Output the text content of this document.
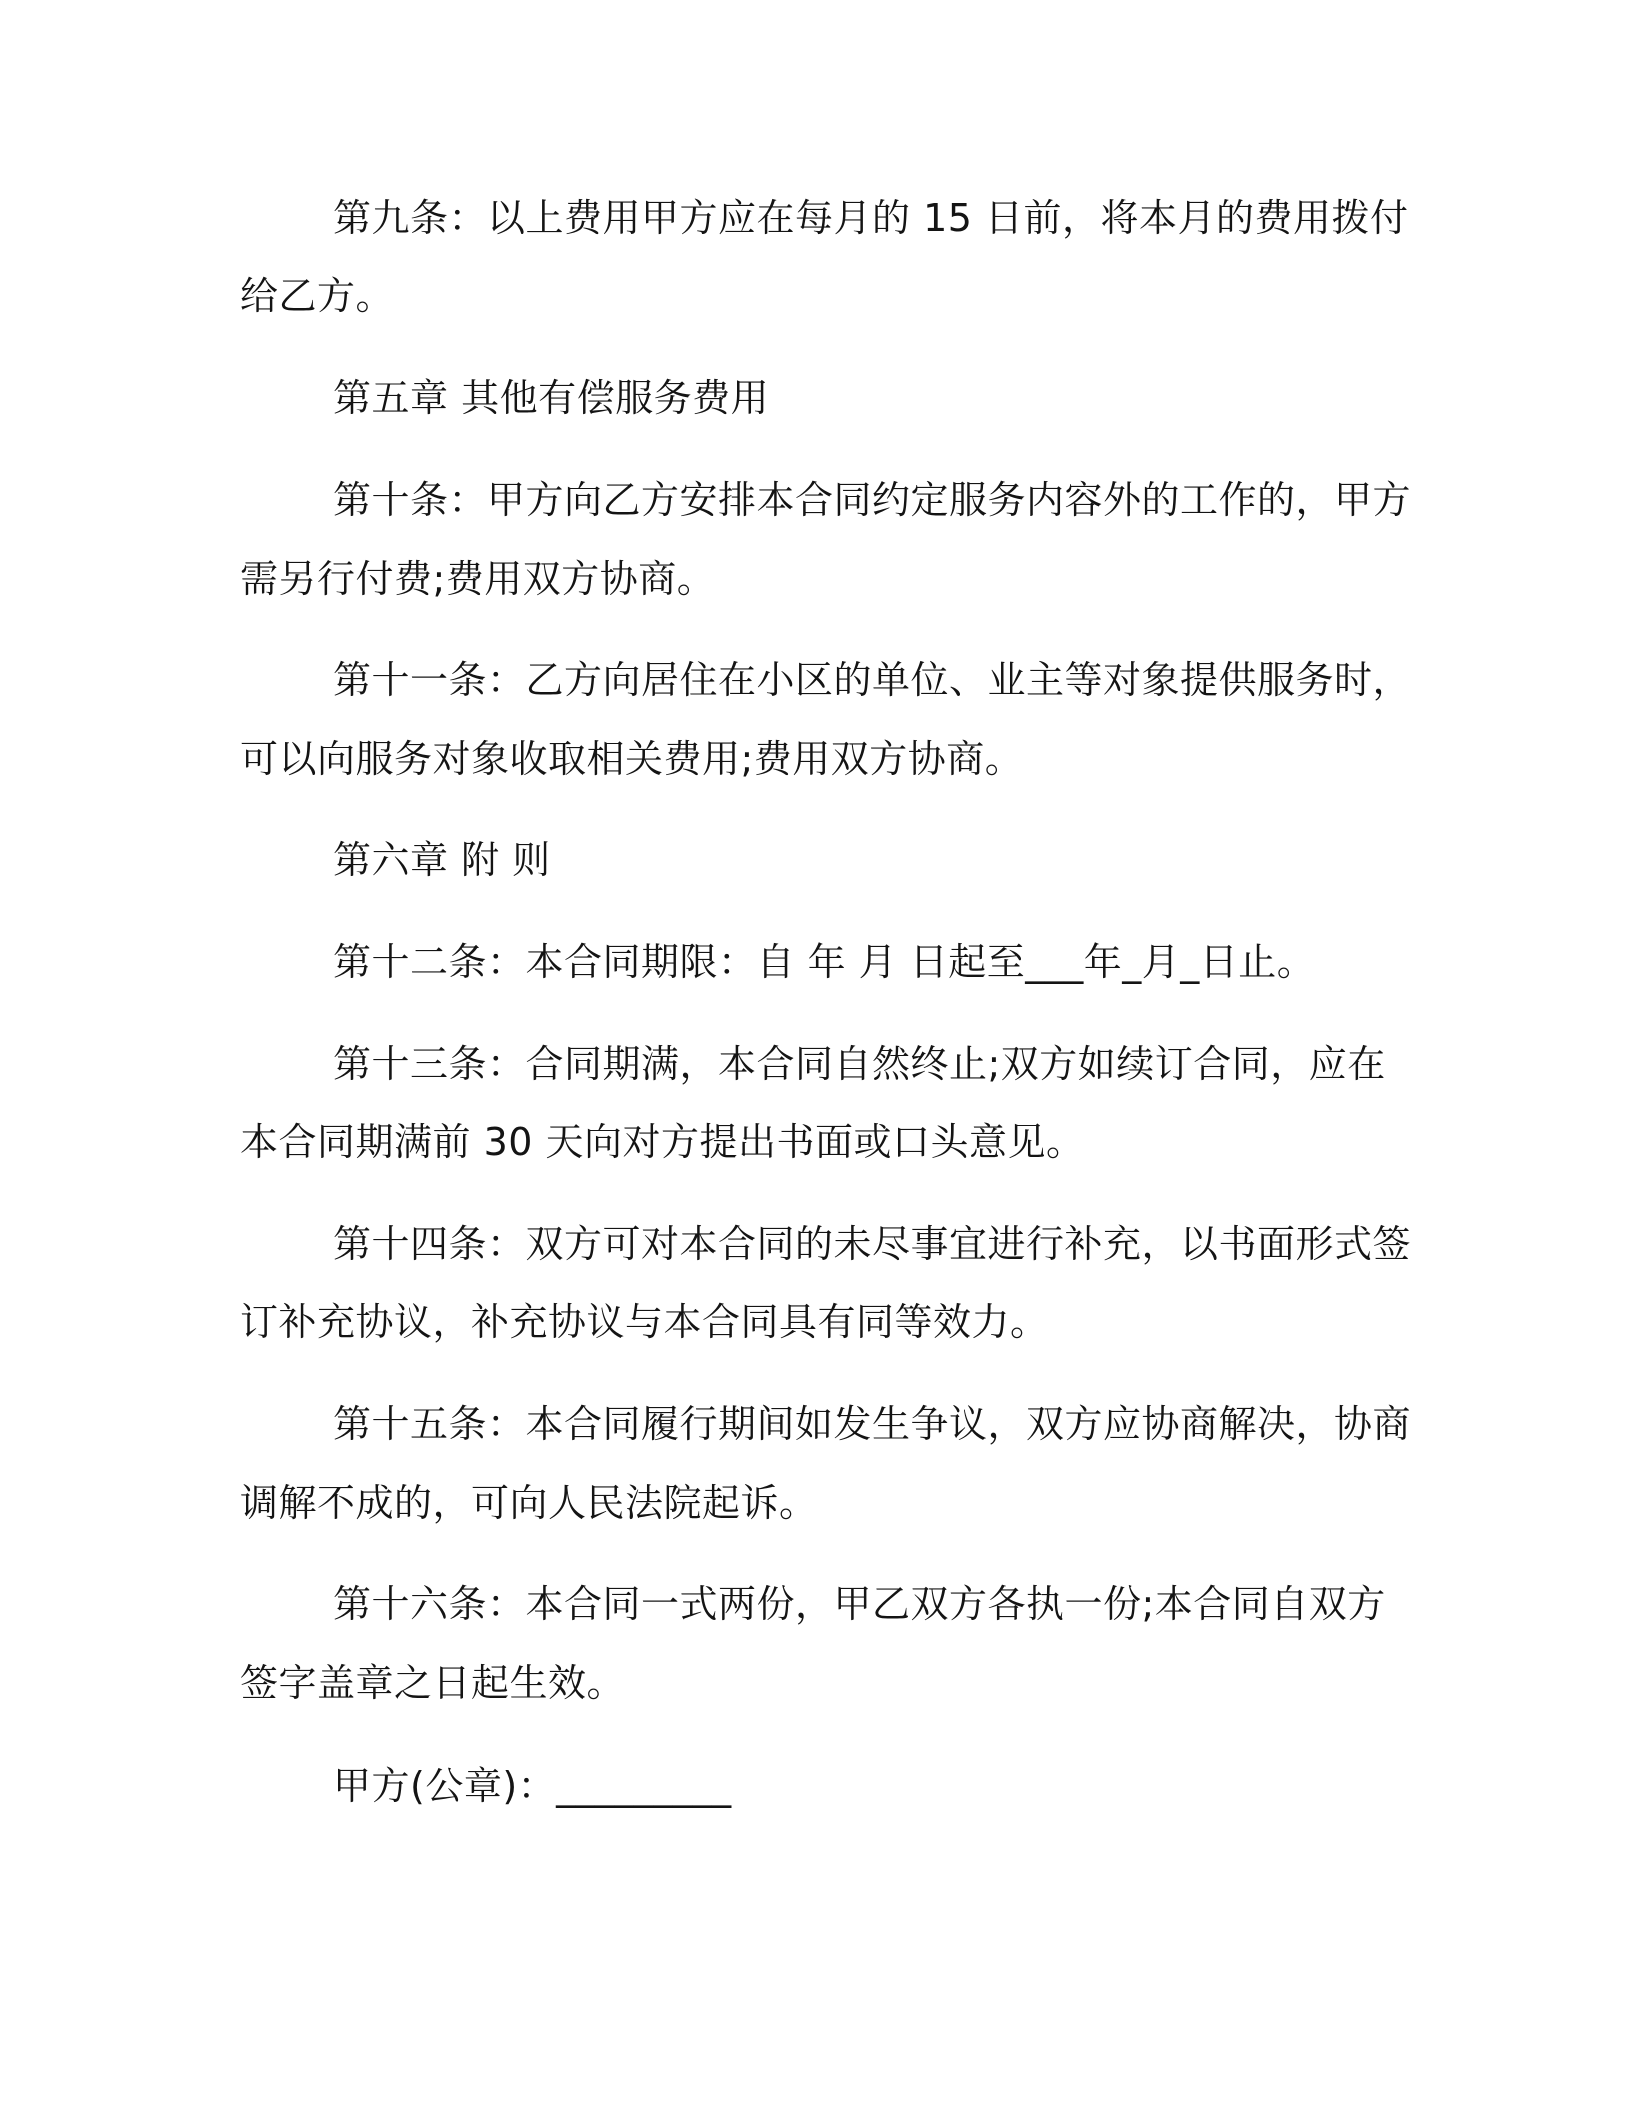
第九条：以上费用甲方应在每月的 15 日前，将本月的费用拨付
给乙方。
第五章 其他有偿服务费用
第十条：甲方向乙方安排本合同约定服务内容外的工作的，甲方
需另行付费;费用双方协商。
第十一条：乙方向居住在小区的单位、业主等对象提供服务时，
可以向服务对象收取相关费用;费用双方协商。
第六章 附 则
第十二条：本合同期限：自 年 月 日起至___年_月_日止。
第十三条：合同期满，本合同自然终止;双方如续订合同，应在
本合同期满前 30 天向对方提出书面或口头意见。
第十四条：双方可对本合同的未尽事宜进行补充，以书面形式签
订补充协议，补充协议与本合同具有同等效力。
第十五条：本合同履行期间如发生争议，双方应协商解决，协商
调解不成的，可向人民法院起诉。
第十六条：本合同一式两份，甲乙双方各执一份;本合同自双方
签字盖章之日起生效。
甲方(公章)：_________
